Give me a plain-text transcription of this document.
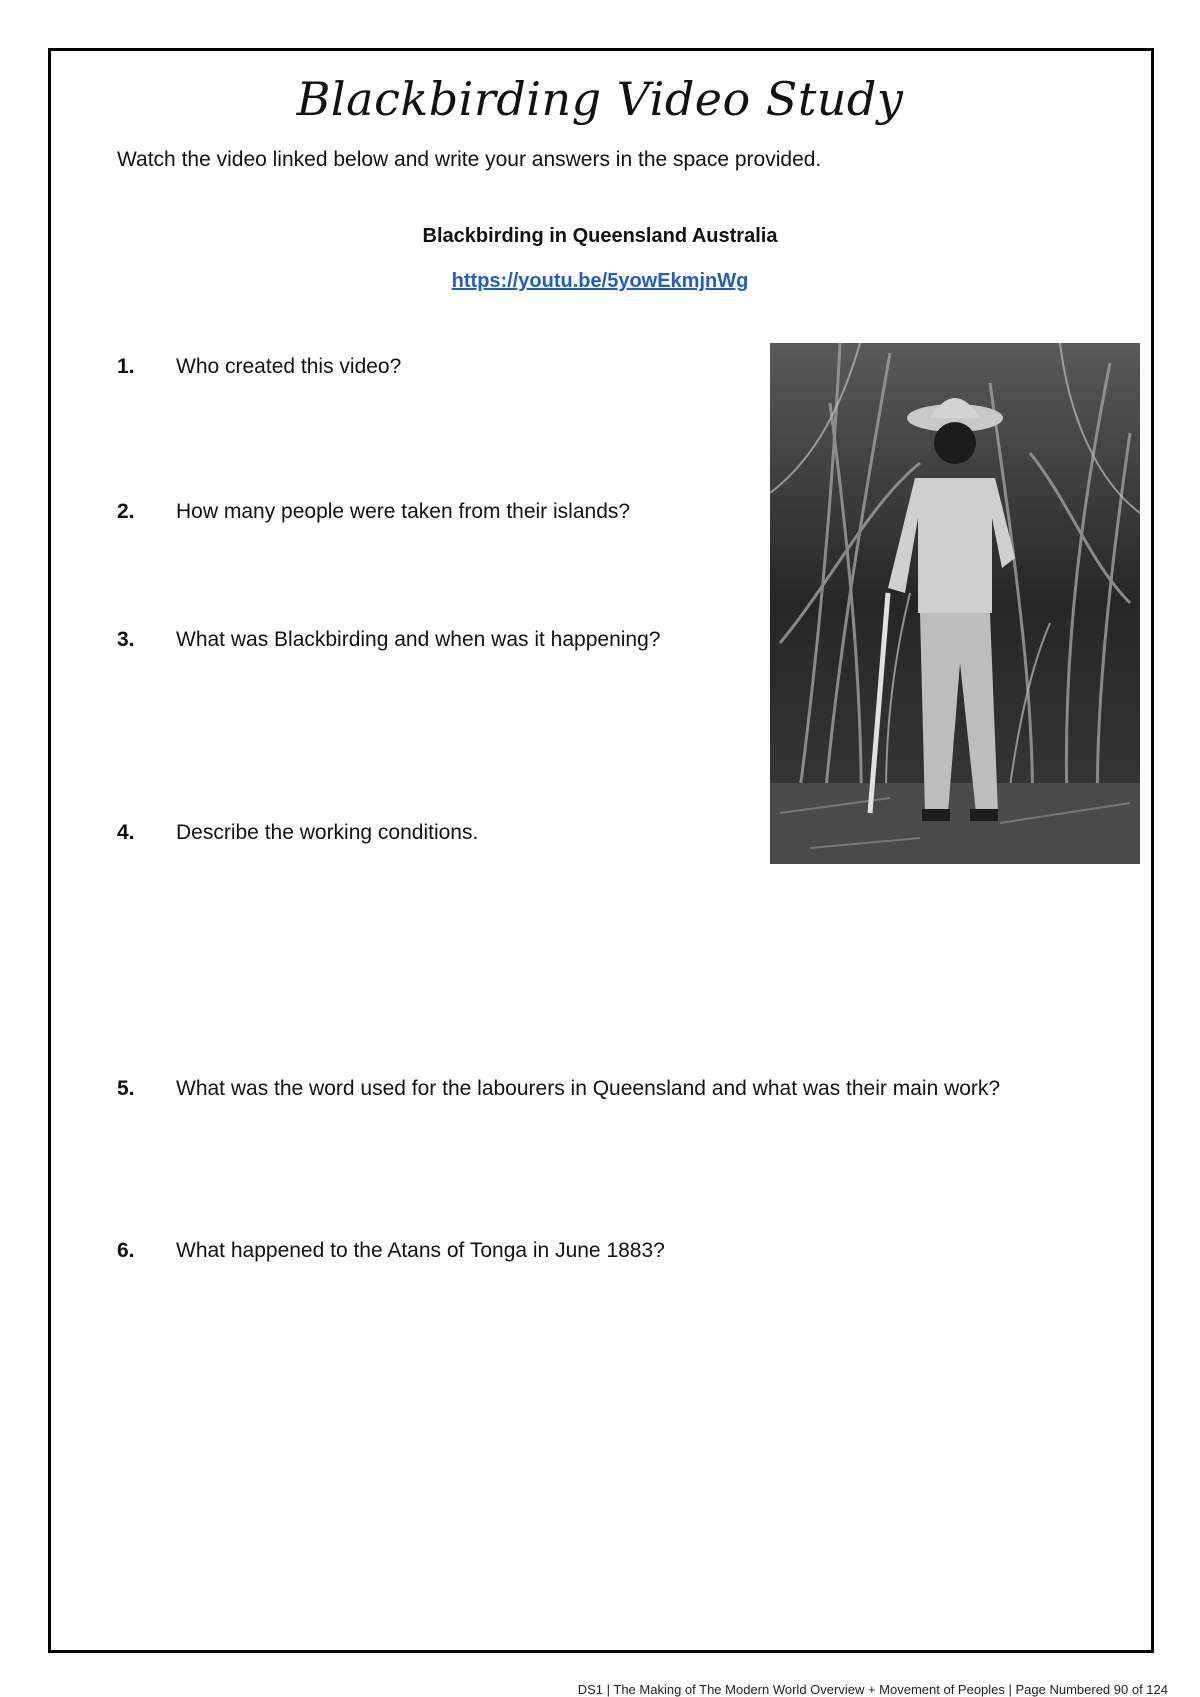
Blackbirding Video Study
Watch the video linked below and write your answers in the space provided.
Blackbirding in Queensland Australia
https://youtu.be/5yowEkmjnWg
1. Who created this video?
2. How many people were taken from their islands?
3. What was Blackbirding and when was it happening?
4. Describe the working conditions.
5. What was the word used for the labourers in Queensland and what was their main work?
6. What happened to the Atans of Tonga in June 1883?
DS1 | The Making of The Modern World Overview + Movement of Peoples | Page Numbered 90 of 124
